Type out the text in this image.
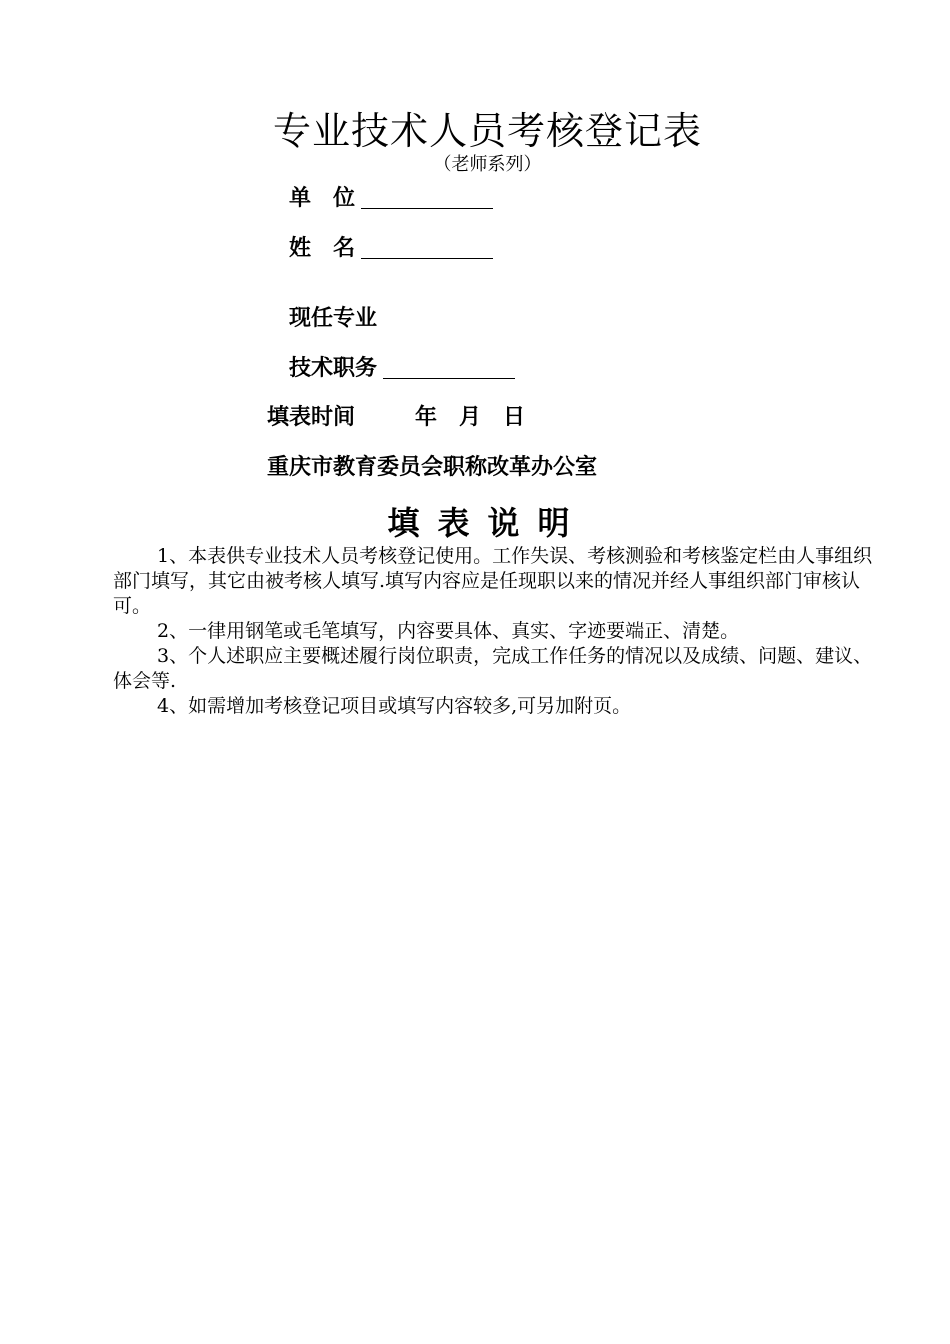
专业技术人员考核登记表
（老师系列）
单 位
姓 名
现任专业
技术职务
填表时间	年 月 日
重庆市教育委员会职称改革办公室
填表说明

1、本表供专业技术人员考核登记使用。工作失误、考核测验和考核鉴定栏由人事组织部门填写，其它由被考核人填写.填写内容应是任现职以来的情况并经人事组织部门审核认可。

2、一律用钢笔或毛笔填写，内容要具体、真实、字迹要端正、清楚。

3、个人述职应主要概述履行岗位职责，完成工作任务的情况以及成绩、问题、建议、体会等.

4、如需增加考核登记项目或填写内容较多,可另加附页。
